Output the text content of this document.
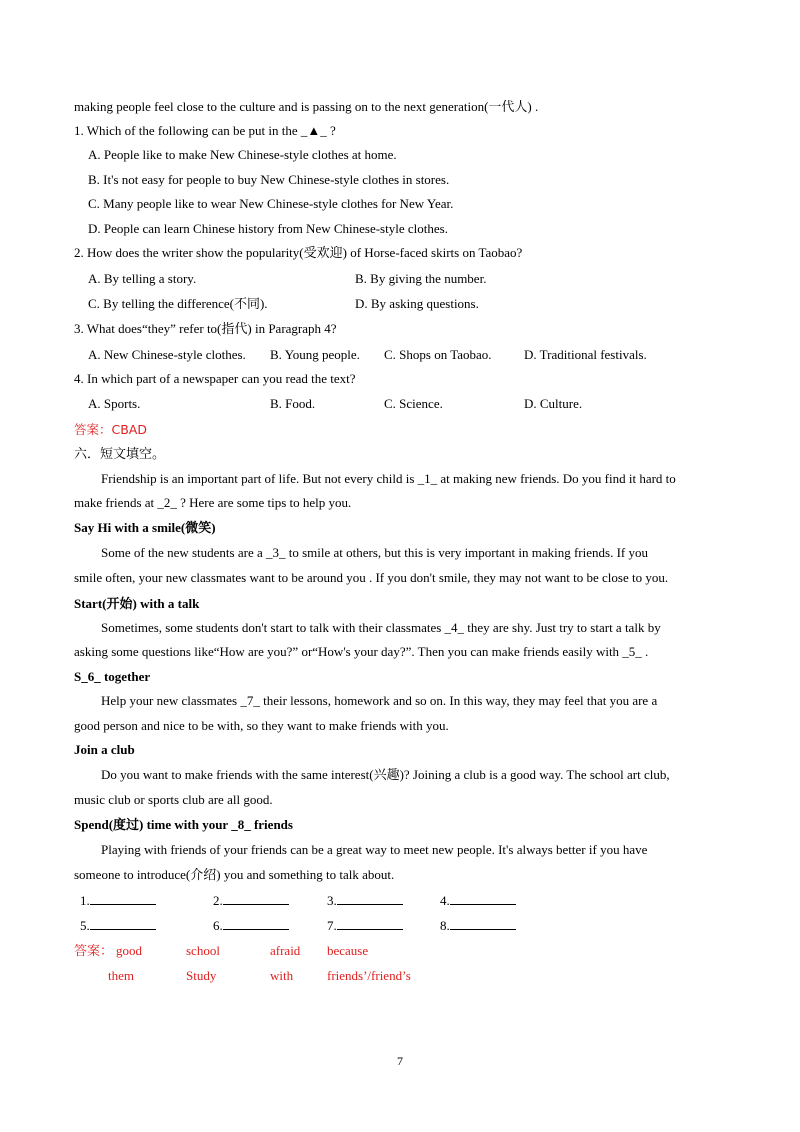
making people feel close to the culture and is passing on to the next generation(一代人) .
1. Which of the following can be put in the _▲_ ?
A. People like to make New Chinese-style clothes at home.
B. It's not easy for people to buy New Chinese-style clothes in stores.
C. Many people like to wear New Chinese-style clothes for New Year.
D. People can learn Chinese history from New Chinese-style clothes.
2. How does the writer show the popularity(受欢迎) of Horse-faced skirts on Taobao?
A. By telling a story.	B. By giving the number.
C. By telling the difference(不同).	D. By asking questions.
3. What does“they” refer to(指代) in Paragraph 4?
A. New Chinese-style clothes. B. Young people. C. Shops on Taobao. D. Traditional festivals.
4. In which part of a newspaper can you read the text?
A. Sports.	B. Food.	C. Science.	D. Culture.
答案：CBAD
六．短文填空。
Friendship is an important part of life. But not every child is _1_ at making new friends. Do you find it hard to
make friends at _2_ ? Here are some tips to help you.
Say Hi with a smile(微笑)
Some of the new students are a _3_ to smile at others, but this is very important in making friends. If you
smile often, your new classmates want to be around you . If you don't smile, they may not want to be close to you.
Start(开始) with a talk
Sometimes, some students don't start to talk with their classmates _4_ they are shy. Just try to start a talk by
asking some questions like“How are you?” or“How's your day?”. Then you can make friends easily with _5_ .
S_6_ together
Help your new classmates _7_ their lessons, homework and so on. In this way, they may feel that you are a
good person and nice to be with, so they want to make friends with you.
Join a club
Do you want to make friends with the same interest(兴趣)? Joining a club is a good way. The school art club,
music club or sports club are all good.
Spend(度过) time with your _8_ friends
Playing with friends of your friends can be a great way to meet new people. It's always better if you have
someone to introduce(介绍) you and something to talk about.
1.	2.	3.	4.
5.	6.	7.	8.
答案： good	school	afraid because
them	Study	with	friends’/friend’s
7
